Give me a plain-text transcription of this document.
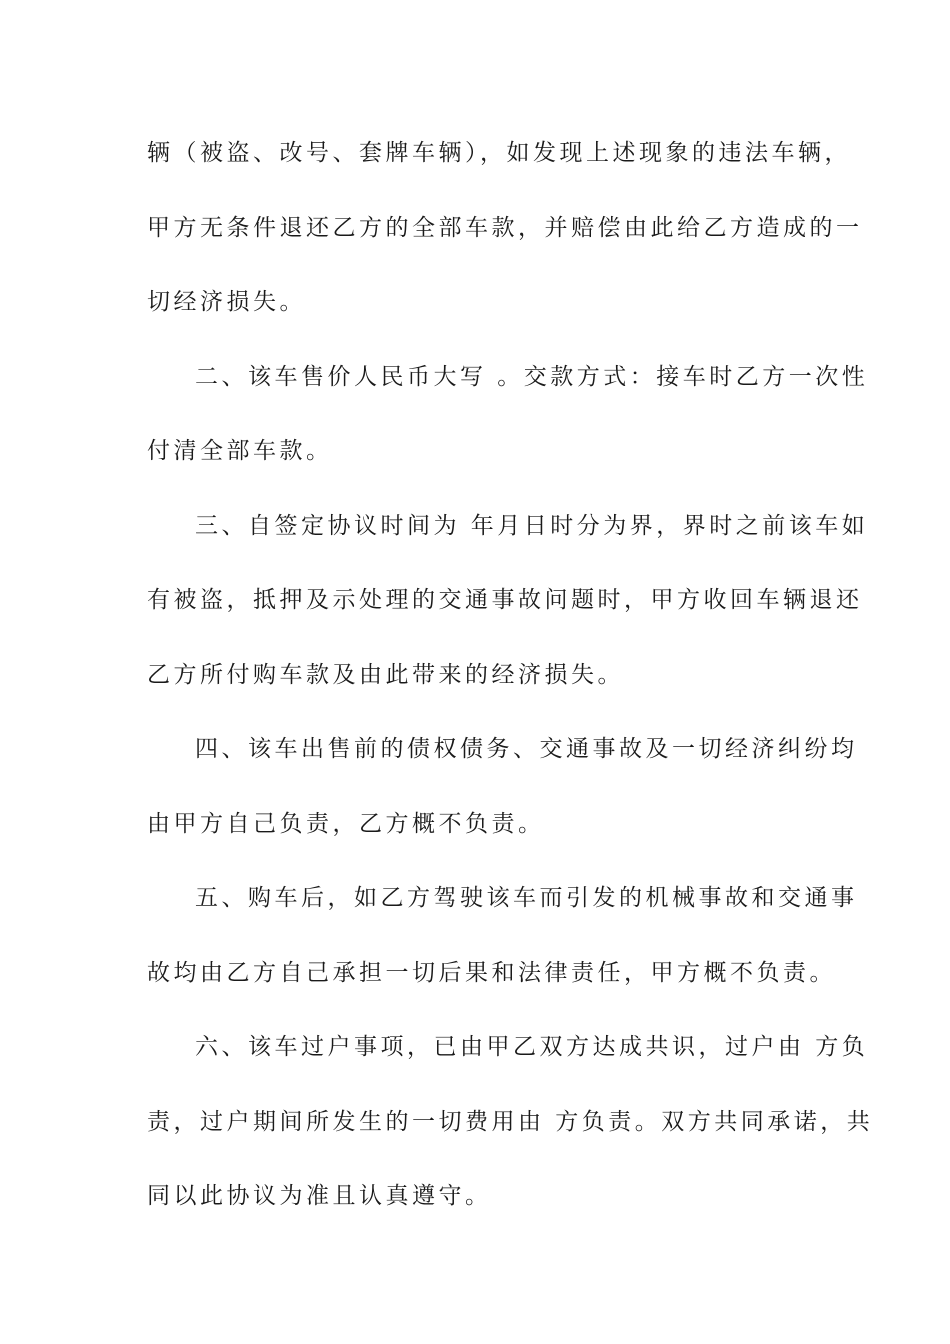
辆（被盗、改号、套牌车辆），如发现上述现象的违法车辆，
甲方无条件退还乙方的全部车款，并赔偿由此给乙方造成的一
切经济损失。
二、该车售价人民币大写 。交款方式：接车时乙方一次性
付清全部车款。
三、自签定协议时间为 年月日时分为界，界时之前该车如
有被盗，抵押及示处理的交通事故问题时，甲方收回车辆退还
乙方所付购车款及由此带来的经济损失。
四、该车出售前的债权债务、交通事故及一切经济纠纷均
由甲方自己负责，乙方概不负责。
五、购车后，如乙方驾驶该车而引发的机械事故和交通事
故均由乙方自己承担一切后果和法律责任，甲方概不负责。
六、该车过户事项，已由甲乙双方达成共识，过户由 方负
责，过户期间所发生的一切费用由 方负责。双方共同承诺，共
同以此协议为准且认真遵守。
